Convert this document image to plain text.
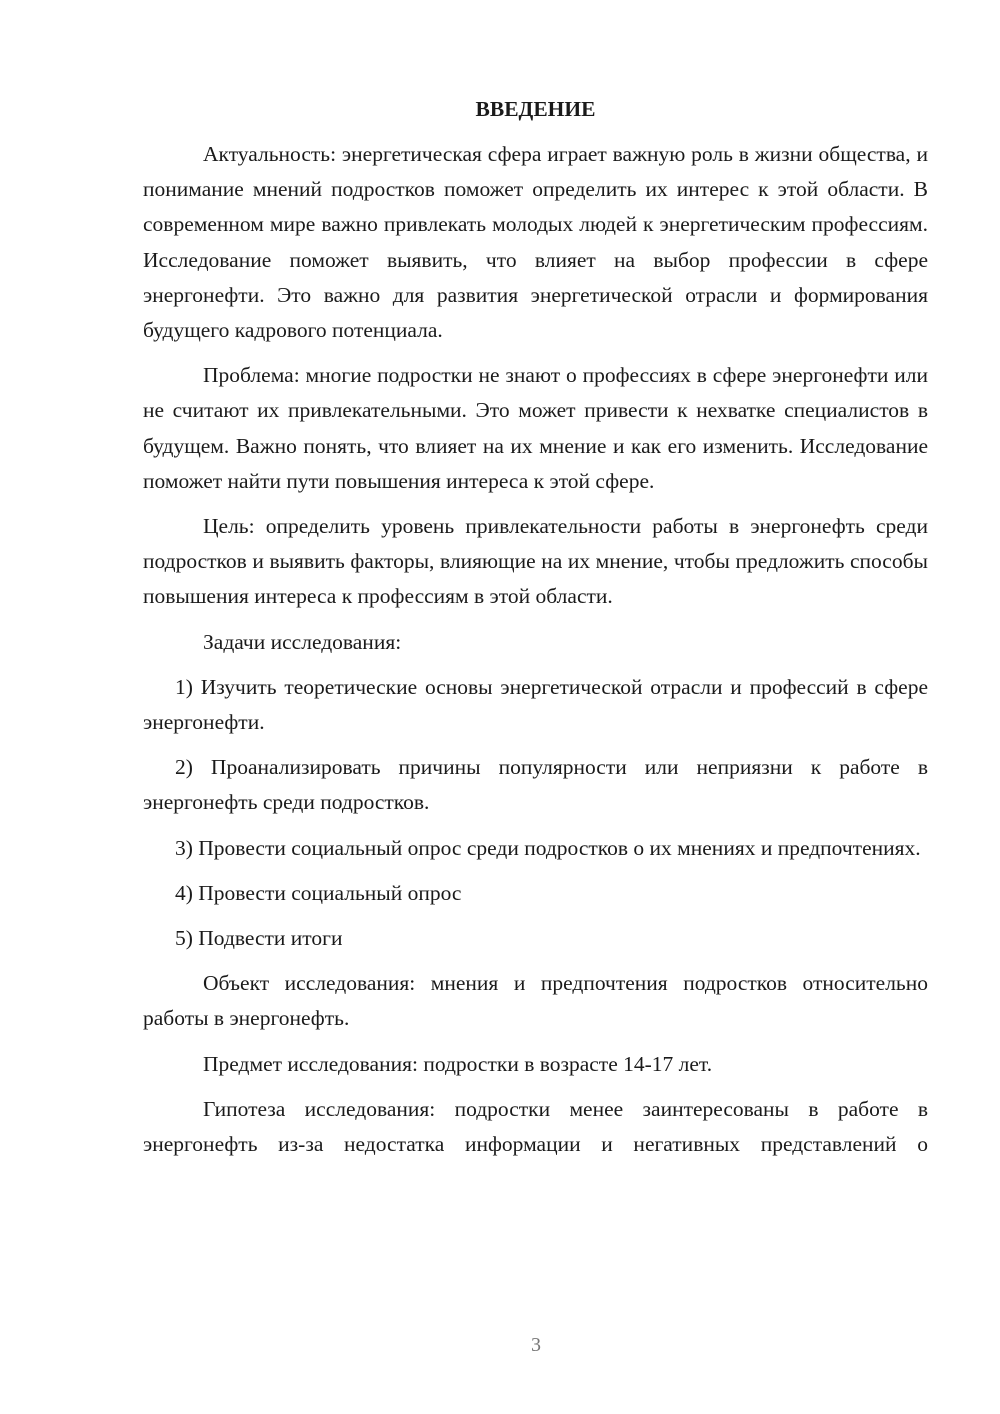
ВВЕДЕНИЕ

Актуальность: энергетическая сфера играет важную роль в жизни общества, и понимание мнений подростков поможет определить их интерес к этой области. В современном мире важно привлекать молодых людей к энергетическим профессиям. Исследование поможет выявить, что влияет на выбор профессии в сфере энергонефти. Это важно для развития энергетической отрасли и формирования будущего кадрового потенциала.

Проблема: многие подростки не знают о профессиях в сфере энергонефти или не считают их привлекательными. Это может привести к нехватке специалистов в будущем. Важно понять, что влияет на их мнение и как его изменить. Исследование поможет найти пути повышения интереса к этой сфере.

Цель: определить уровень привлекательности работы в энергонефть среди подростков и выявить факторы, влияющие на их мнение, чтобы предложить способы повышения интереса к профессиям в этой области.

Задачи исследования:

1) Изучить теоретические основы энергетической отрасли и профессий в сфере энергонефти.

2) Проанализировать причины популярности или неприязни к работе в энергонефть среди подростков.

3) Провести социальный опрос среди подростков о их мнениях и предпочтениях.

4) Провести социальный опрос

5) Подвести итоги

Объект исследования: мнения и предпочтения подростков относительно работы в энергонефть.

Предмет исследования: подростки в возрасте 14-17 лет.

Гипотеза исследования: подростки менее заинтересованы в работе в энергонефть из-за недостатка информации и негативных представлений о

3
